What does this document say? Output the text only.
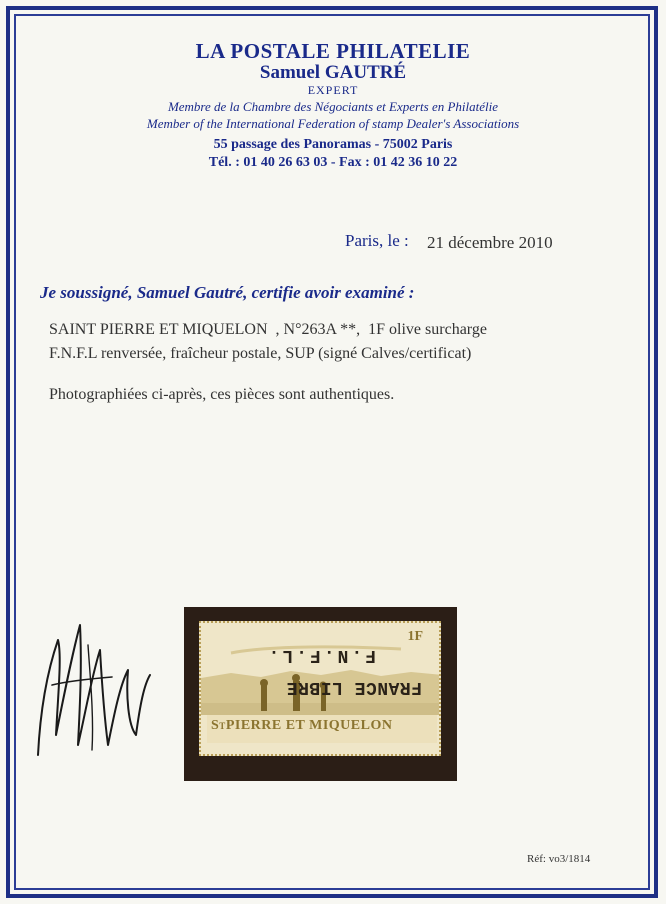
LA POSTALE PHILATELIE
Samuel GAUTRÉ
EXPERT
Membre de la Chambre des Négociants et Experts en Philatélie
Member of the International Federation of stamp Dealer's Associations
55 passage des Panoramas - 75002 Paris
Tél. : 01 40 26 63 03 - Fax : 01 42 36 10 22
Paris, le : 21 décembre 2010
Je soussigné, Samuel Gautré, certifie avoir examiné :
SAINT PIERRE ET MIQUELON  , N°263A **,  1F olive surcharge
F.N.F.L renversée, fraîcheur postale, SUP (signé Calves/certificat)
Photographiées ci-après, ces pièces sont authentiques.
1F
STPIERRE ET MIQUELON
FRANCE LIBRE
F.N.F.L.
Réf: vo3/1814
